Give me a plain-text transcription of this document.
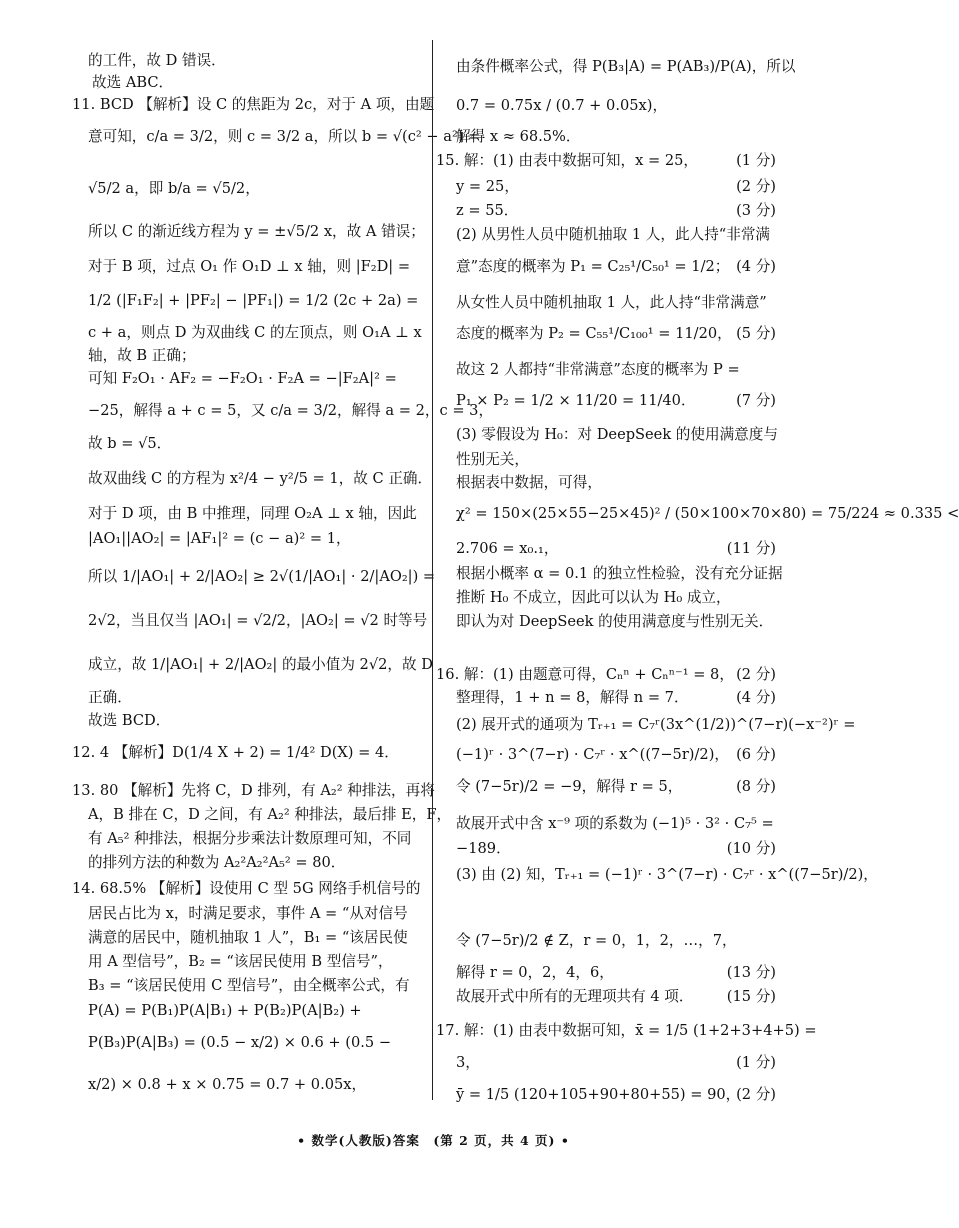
的工件，故 D 错误．
故选 ABC．
11. BCD 【解析】设 C 的焦距为 2c，对于 A 项，由题
意可知，c/a = 3/2，则 c = 3/2 a，所以 b = √(c² − a²) =
√5/2 a，即 b/a = √5/2，
所以 C 的渐近线方程为 y = ±√5/2 x，故 A 错误；
对于 B 项，过点 O₁ 作 O₁D ⊥ x 轴，则 |F₂D| =
1/2 (|F₁F₂| + |PF₂| − |PF₁|) = 1/2 (2c + 2a) =
c + a，则点 D 为双曲线 C 的左顶点，则 O₁A ⊥ x
轴，故 B 正确；
可知 F₂O₁ · AF₂ = −F₂O₁ · F₂A = −|F₂A|² =
−25，解得 a + c = 5，又 c/a = 3/2，解得 a = 2，c = 3，
故 b = √5．
故双曲线 C 的方程为 x²/4 − y²/5 = 1，故 C 正确．
对于 D 项，由 B 中推理，同理 O₂A ⊥ x 轴，因此
|AO₁||AO₂| = |AF₁|² = (c − a)² = 1，
所以 1/|AO₁| + 2/|AO₂| ≥ 2√(1/|AO₁| · 2/|AO₂|) =
2√2，当且仅当 |AO₁| = √2/2，|AO₂| = √2 时等号
成立，故 1/|AO₁| + 2/|AO₂| 的最小值为 2√2，故 D
正确．
故选 BCD．
12. 4 【解析】D(1/4 X + 2) = 1/4² D(X) = 4．
13. 80 【解析】先将 C，D 排列，有 A₂² 种排法，再将
A，B 排在 C，D 之间，有 A₂² 种排法，最后排 E，F，
有 A₅² 种排法，根据分步乘法计数原理可知，不同
的排列方法的种数为 A₂²A₂²A₅² = 80．
14. 68.5% 【解析】设使用 C 型 5G 网络手机信号的
居民占比为 x，时满足要求，事件 A = “从对信号
满意的居民中，随机抽取 1 人”，B₁ = “该居民使
用 A 型信号”，B₂ = “该居民使用 B 型信号”，
B₃ = “该居民使用 C 型信号”，由全概率公式，有
P(A) = P(B₁)P(A|B₁) + P(B₂)P(A|B₂) +
P(B₃)P(A|B₃) = (0.5 − x/2) × 0.6 + (0.5 −
x/2) × 0.8 + x × 0.75 = 0.7 + 0.05x，
由条件概率公式，得 P(B₃|A) = P(AB₃)/P(A)，所以
0.7 = 0.75x / (0.7 + 0.05x)，
解得 x ≈ 68.5%．
15. 解：(1) 由表中数据可知，x = 25，	(1 分)
y = 25，	(2 分)
z = 55．	(3 分)
(2) 从男性人员中随机抽取 1 人，此人持“非常满
意”态度的概率为 P₁ = C₂₅¹/C₅₀¹ = 1/2； (4 分)
从女性人员中随机抽取 1 人，此人持“非常满意”
态度的概率为 P₂ = C₅₅¹/C₁₀₀¹ = 11/20， (5 分)
故这 2 人都持“非常满意”态度的概率为 P =
P₁ × P₂ = 1/2 × 11/20 = 11/40．	(7 分)
(3) 零假设为 H₀：对 DeepSeek 的使用满意度与
性别无关，
根据表中数据，可得，
χ² = 150×(25×55−25×45)² / (50×100×70×80) = 75/224 ≈ 0.335 <
2.706 = x₀.₁，	(11 分)
根据小概率 α = 0.1 的独立性检验，没有充分证据
推断 H₀ 不成立，因此可以认为 H₀ 成立，
即认为对 DeepSeek 的使用满意度与性别无关．
16. 解：(1) 由题意可得，Cₙⁿ + Cₙⁿ⁻¹ = 8， (2 分)
整理得，1 + n = 8，解得 n = 7．	(4 分)
(2) 展开式的通项为 Tᵣ₊₁ = C₇ʳ(3x^(1/2))^(7−r)(−x⁻²)ʳ =
(−1)ʳ · 3^(7−r) · C₇ʳ · x^((7−5r)/2)， (6 分)
令 (7−5r)/2 = −9，解得 r = 5，	(8 分)
故展开式中含 x⁻⁹ 项的系数为 (−1)⁵ · 3² · C₇⁵ =
−189．	(10 分)
(3) 由 (2) 知，Tᵣ₊₁ = (−1)ʳ · 3^(7−r) · C₇ʳ · x^((7−5r)/2)，
令 (7−5r)/2 ∉ Z，r = 0，1，2，…，7，
解得 r = 0，2，4，6，	(13 分)
故展开式中所有的无理项共有 4 项． (15 分)
17. 解：(1) 由表中数据可知，x̄ = 1/5 (1+2+3+4+5) =
3，	(1 分)
ȳ = 1/5 (120+105+90+80+55) = 90，
(2 分)
• 数学(人教版)答案　(第 2 页，共 4 页) •
